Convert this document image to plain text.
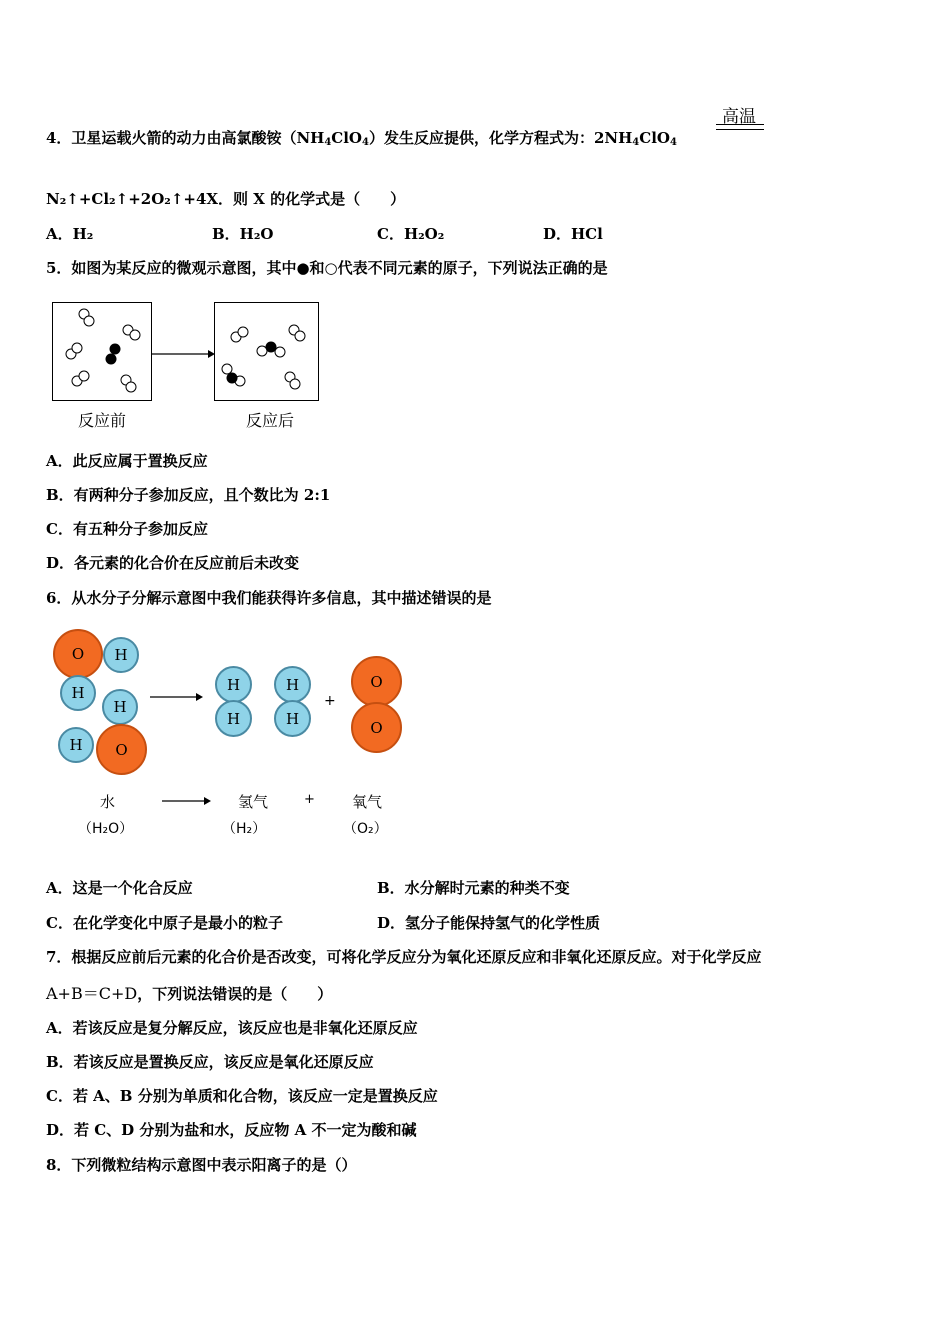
高温
4．卫星运载火箭的动力由高氯酸铵$(NH_4ClO_4)$发生反应提供，化学方程式为：$2NH_4ClO_4$
N₂↑+Cl₂↑+2O₂↑+4X．则 X 的化学式是（　　）
A．H₂	B．H₂O	C．H₂O₂	D．HCl
5．如图为某反应的微观示意图，其中●和○代表不同元素的原子，下列说法正确的是
反应前	反应后
A．此反应属于置换反应
B．有两种分子参加反应，且个数比为 2:1
C．有五种分子参加反应
D．各元素的化合价在反应前后未改变
6．从水分子分解示意图中我们能获得许多信息，其中描述错误的是
O	H
H
H
H	O
H
H
H
H
+
O
O
水	氢气	+ 氧气
（H₂O）	（H₂）	（O₂）
A．这是一个化合反应	B．水分解时元素的种类不变
C．在化学变化中原子是最小的粒子	D．氢分子能保持氢气的化学性质
7．根据反应前后元素的化合价是否改变，可将化学反应分为氧化还原反应和非氧化还原反应。对于化学反应
A+B＝C+D，下列说法错误的是（　　）
A．若该反应是复分解反应，该反应也是非氧化还原反应
B．若该反应是置换反应，该反应是氧化还原反应
C．若 A、B 分别为单质和化合物，该反应一定是置换反应
D．若 C、D 分别为盐和水，反应物 A 不一定为酸和碱
8．下列微粒结构示意图中表示阳离子的是（）
